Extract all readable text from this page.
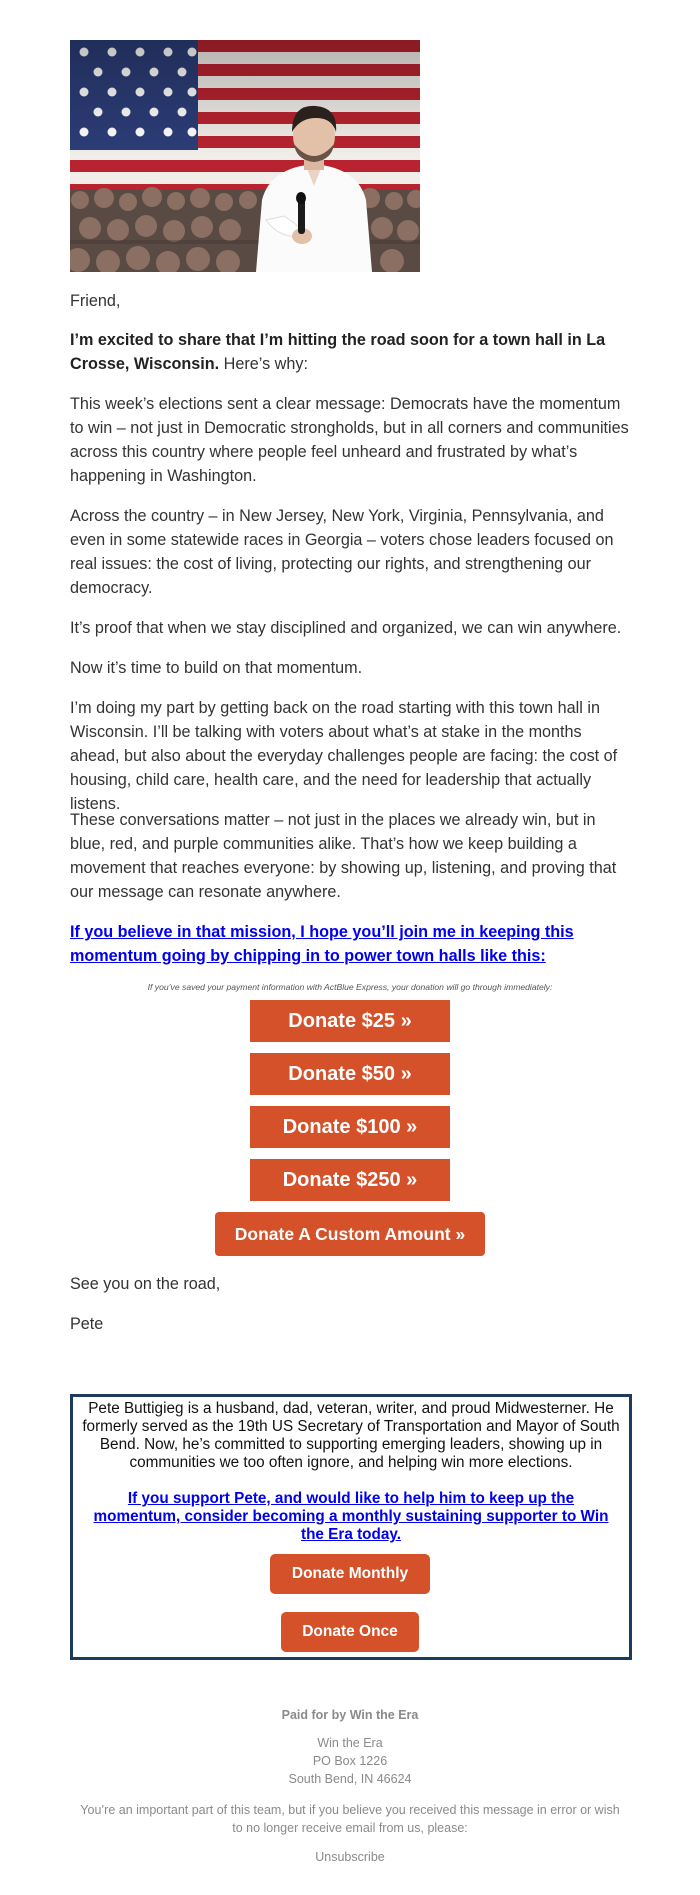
Friend,

I’m excited to share that I’m hitting the road soon for a town hall in La Crosse, Wisconsin. Here’s why:

This week’s elections sent a clear message: Democrats have the momentum to win – not just in Democratic strongholds, but in all corners and communities across this country where people feel unheard and frustrated by what’s happening in Washington.

Across the country – in New Jersey, New York, Virginia, Pennsylvania, and even in some statewide races in Georgia – voters chose leaders focused on real issues: the cost of living, protecting our rights, and strengthening our democracy.

It’s proof that when we stay disciplined and organized, we can win anywhere.

Now it’s time to build on that momentum.

I’m doing my part by getting back on the road starting with this town hall in Wisconsin. I’ll be talking with voters about what’s at stake in the months ahead, but also about the everyday challenges people are facing: the cost of housing, child care, health care, and the need for leadership that actually listens.

These conversations matter – not just in the places we already win, but in blue, red, and purple communities alike. That’s how we keep building a movement that reaches everyone: by showing up, listening, and proving that our message can resonate anywhere.

If you believe in that mission, I hope you’ll join me in keeping this momentum going by chipping in to power town halls like this:
If you’ve saved your payment information with ActBlue Express, your donation will go through immediately:
Donate $25 »
Donate $50 »
Donate $100 »
Donate $250 »
Donate A Custom Amount »

See you on the road,

Pete

Pete Buttigieg is a husband, dad, veteran, writer, and proud Midwesterner. He formerly served as the 19th US Secretary of Transportation and Mayor of South Bend. Now, he’s committed to supporting emerging leaders, showing up in communities we too often ignore, and helping win more elections.
If you support Pete, and would like to help him to keep up the momentum, consider becoming a monthly sustaining supporter to Win the Era today.
Donate Monthly
Donate Once
Paid for by Win the Era
Win the Era
PO Box 1226
South Bend, IN 46624
You’re an important part of this team, but if you believe you received this message in error or wish to no longer receive email from us, please:
Unsubscribe
